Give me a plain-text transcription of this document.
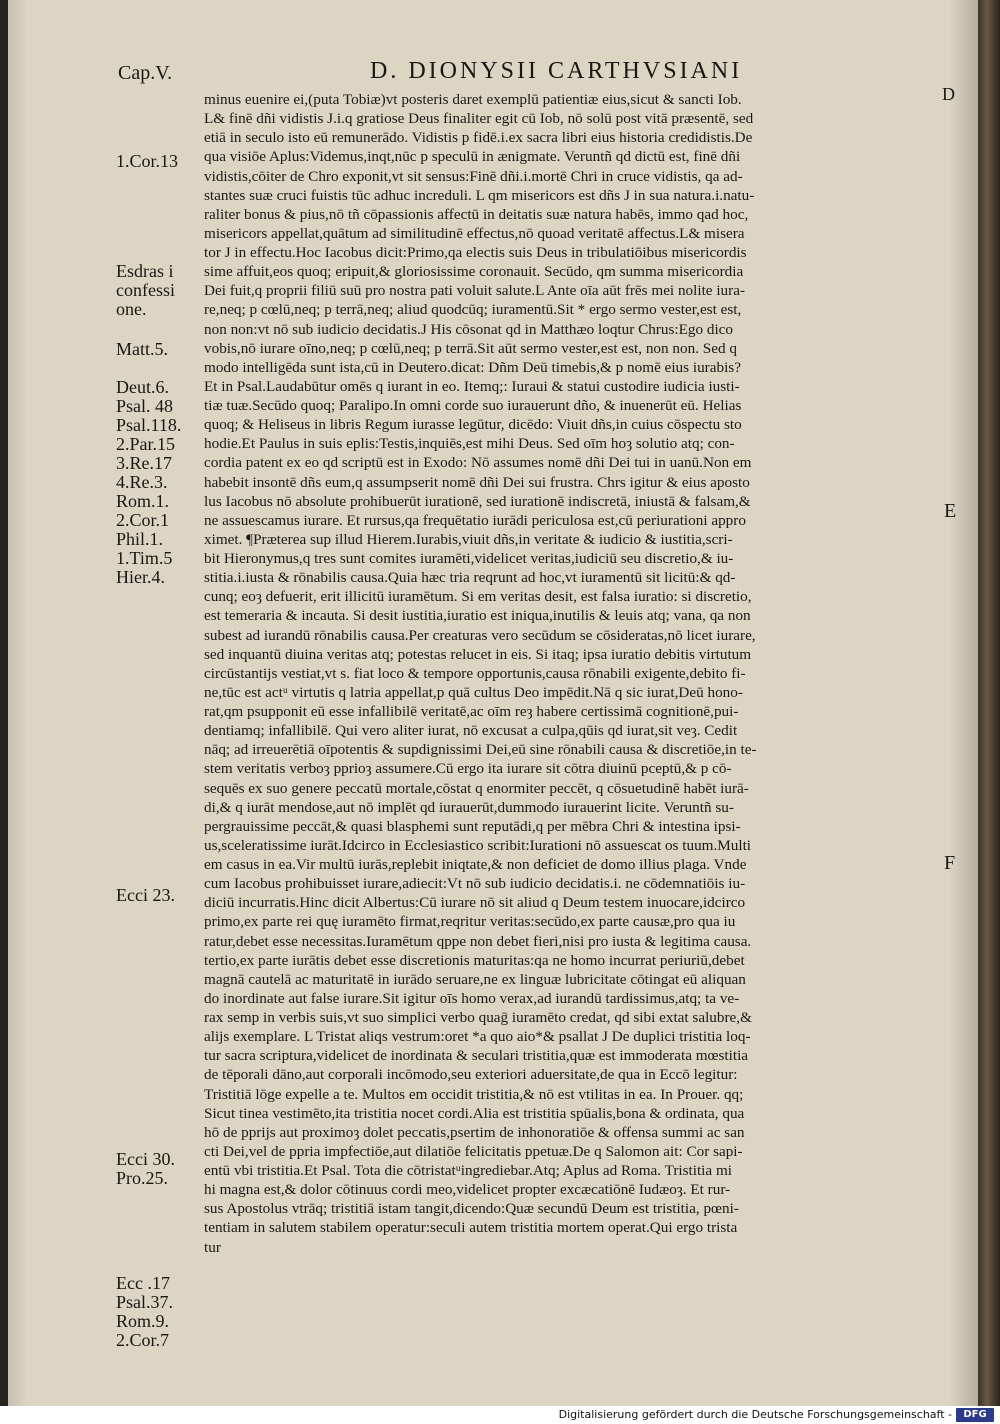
Cap.V.	D. DIONYSII CARTHVSIANI
D
E
F
1.Cor.13
Esdras i
confessi
one.
Matt.5.
Deut.6.
Psal. 48
Psal.118.
2.Par.15
3.Re.17
4.Re.3.
Rom.1.
2.Cor.1
Phil.1.
1.Tim.5
Hier.4.
Ecci 23.
Ecci 30.
Pro.25.
Ecc .17
Psal.37.
Rom.9.
2.Cor.7
minus euenire ei,(puta Tobiæ)vt posteris daret exemplū patientiæ eius,sicut & sancti Iob.
L& finē dñi vidistis J.i.q gratiose Deus finaliter egit cū Iob, nō solū post vitā præsentē, sed
etiā in seculo isto eū remunerādo. Vidistis p fidē.i.ex sacra libri eius historia credidistis.De
qua visiōe Aplus:Videmus,inqt,nūc p speculū in ænigmate. Veruntñ qd dictū est, finē dñi
vidistis,cōiter de Chro exponit,vt sit sensus:Finē dñi.i.mortē Chri in cruce vidistis, qa ad-
stantes suæ cruci fuistis tūc adhuc increduli. L qm misericors est dñs J in sua natura.i.natu-
raliter bonus & pius,nō tñ cōpassionis affectū in deitatis suæ natura habēs, immo qad hoc,
misericors appellat,quātum ad similitudinē effectus,nō quoad veritatē affectus.L& misera
tor J in effectu.Hoc Iacobus dicit:Primo,qa electis suis Deus in tribulatiōibus misericordis
sime affuit,eos quoq; eripuit,& gloriosissime coronauit. Secūdo, qm summa misericordia
Dei fuit,q proprii filiū suū pro nostra pati voluit salute.L Ante oīa aūt frēs mei nolite iura-
re,neq; p cœlū,neq; p terrā,neq; aliud quodcūq; iuramentū.Sit * ergo sermo vester,est est,
non non:vt nō sub iudicio decidatis.J His cōsonat qd in Matthæo loqtur Chrus:Ego dico
vobis,nō iurare oīno,neq; p cœlū,neq; p terrā.Sit aūt sermo vester,est est, non non. Sed q
modo intelligēda sunt ista,cū in Deutero.dicat: Dñm Deū timebis,& p nomē eius iurabis?
Et in Psal.Laudabūtur omēs q iurant in eo. Itemq;: Iuraui & statui custodire iudicia iusti-
tiæ tuæ.Secūdo quoq; Paralipo.In omni corde suo iurauerunt dño, & inuenerūt eū. Helias
quoq; & Heliseus in libris Regum iurasse legūtur, dicēdo: Viuit dñs,in cuius cōspectu sto
hodie.Et Paulus in suis eplis:Testis,inquiēs,est mihi Deus. Sed oīm hoȝ solutio atq; con-
cordia patent ex eo qd scriptū est in Exodo: Nō assumes nomē dñi Dei tui in uanū.Non em
habebit insontē dñs eum,q assumpserit nomē dñi Dei sui frustra. Chrs igitur & eius aposto
lus Iacobus nō absolute prohibuerūt iurationē, sed iurationē indiscretā, iniustā & falsam,&
ne assuescamus iurare. Et rursus,qa frequētatio iurādi periculosa est,cū periurationi appro
ximet. ¶Præterea sup illud Hierem.Iurabis,viuit dñs,in veritate & iudicio & iustitia,scri-
bit Hieronymus,q tres sunt comites iuramēti,videlicet veritas,iudiciū seu discretio,& iu-
stitia.i.iusta & rōnabilis causa.Quia hæc tria reqrunt ad hoc,vt iuramentū sit licitū:& qd-
cunq; eoȝ defuerit, erit illicitū iuramētum. Si em veritas desit, est falsa iuratio: si discretio,
est temeraria & incauta. Si desit iustitia,iuratio est iniqua,inutilis & leuis atq; vana, qa non
subest ad iurandū rōnabilis causa.Per creaturas vero secūdum se cōsideratas,nō licet iurare,
sed inquantū diuina veritas atq; potestas relucet in eis. Si itaq; ipsa iuratio debitis virtutum
circūstantijs vestiat,vt s. fiat loco & tempore opportunis,causa rōnabili exigente,debito fi-
ne,tūc est actᵘ virtutis q latria appellat,p quā cultus Deo impēdit.Nā q sic iurat,Deū hono-
rat,qm psupponit eū esse infallibilē veritatē,ac oīm reȝ habere certissimā cognitionē,pui-
dentiamq; infallibilē. Qui vero aliter iurat, nō excusat a culpa,qūis qd iurat,sit veȝ. Cedit
nāq; ad irreuerētiā oīpotentis & supdignissimi Dei,eū sine rōnabili causa & discretiōe,in te-
stem veritatis verboȝ pprioȝ assumere.Cū ergo ita iurare sit cōtra diuinū pceptū,& p cō-
sequēs ex suo genere peccatū mortale,cōstat q enormiter peccēt, q cōsuetudinē habēt iurā-
di,& q iurāt mendose,aut nō implēt qd iurauerūt,dummodo iurauerint licite. Veruntñ su-
pergrauissime peccāt,& quasi blasphemi sunt reputādi,q per mēbra Chri & intestina ipsi-
us,sceleratissime iurāt.Idcirco in Ecclesiastico scribit:Iurationi nō assuescat os tuum.Multi
em casus in ea.Vir multū iurās,replebit iniqtate,& non deficiet de domo illius plaga. Vnde
cum Iacobus prohibuisset iurare,adiecit:Vt nō sub iudicio decidatis.i. ne cōdemnatiōis iu-
diciū incurratis.Hinc dicit Albertus:Cū iurare nō sit aliud q Deum testem inuocare,idcirco
primo,ex parte rei quę iuramēto firmat,reqritur veritas:secūdo,ex parte causæ,pro qua iu
ratur,debet esse necessitas.Iuramētum qppe non debet fieri,nisi pro iusta & legitima causa.
tertio,ex parte iurātis debet esse discretionis maturitas:qa ne homo incurrat periuriū,debet
magnā cautelā ac maturitatē in iurādo seruare,ne ex linguæ lubricitate cōtingat eū aliquan
do inordinate aut false iurare.Sit igitur oīs homo verax,ad iurandū tardissimus,atq; ta ve-
rax semp in verbis suis,vt suo simplici verbo quaḡ iuramēto credat, qd sibi extat salubre,&
alijs exemplare. L Tristat aliqs vestrum:oret *a quo aio*& psallat J De duplici tristitia loq-
tur sacra scriptura,videlicet de inordinata & seculari tristitia,quæ est immoderata mœstitia
de tēporali dāno,aut corporali incōmodo,seu exteriori aduersitate,de qua in Eccō legitur:
Tristitiā lōge expelle a te. Multos em occidit tristitia,& nō est vtilitas in ea. In Prouer. qq;
Sicut tinea vestimēto,ita tristitia nocet cordi.Alia est tristitia spūalis,bona & ordinata, qua
hō de pprijs aut proximoȝ dolet peccatis,psertim de inhonoratiōe & offensa summi ac san
cti Dei,vel de ppria impfectiōe,aut dilatiōe felicitatis ppetuæ.De q Salomon ait: Cor sapi-
entū vbi tristitia.Et Psal. Tota die cōtristatᵘingrediebar.Atq; Aplus ad Roma. Tristitia mi
hi magna est,& dolor cōtinuus cordi meo,videlicet propter excæcatiōnē Iudæoȝ. Et rur-
sus Apostolus vtrāq; tristitiā istam tangit,dicendo:Quæ secundū Deum est tristitia, pœni-
tentiam in salutem stabilem operatur:seculi autem tristitia mortem operat.Qui ergo trista
tur
Digitalisierung gefördert durch die Deutsche Forschungsgemeinschaft -	DFG
